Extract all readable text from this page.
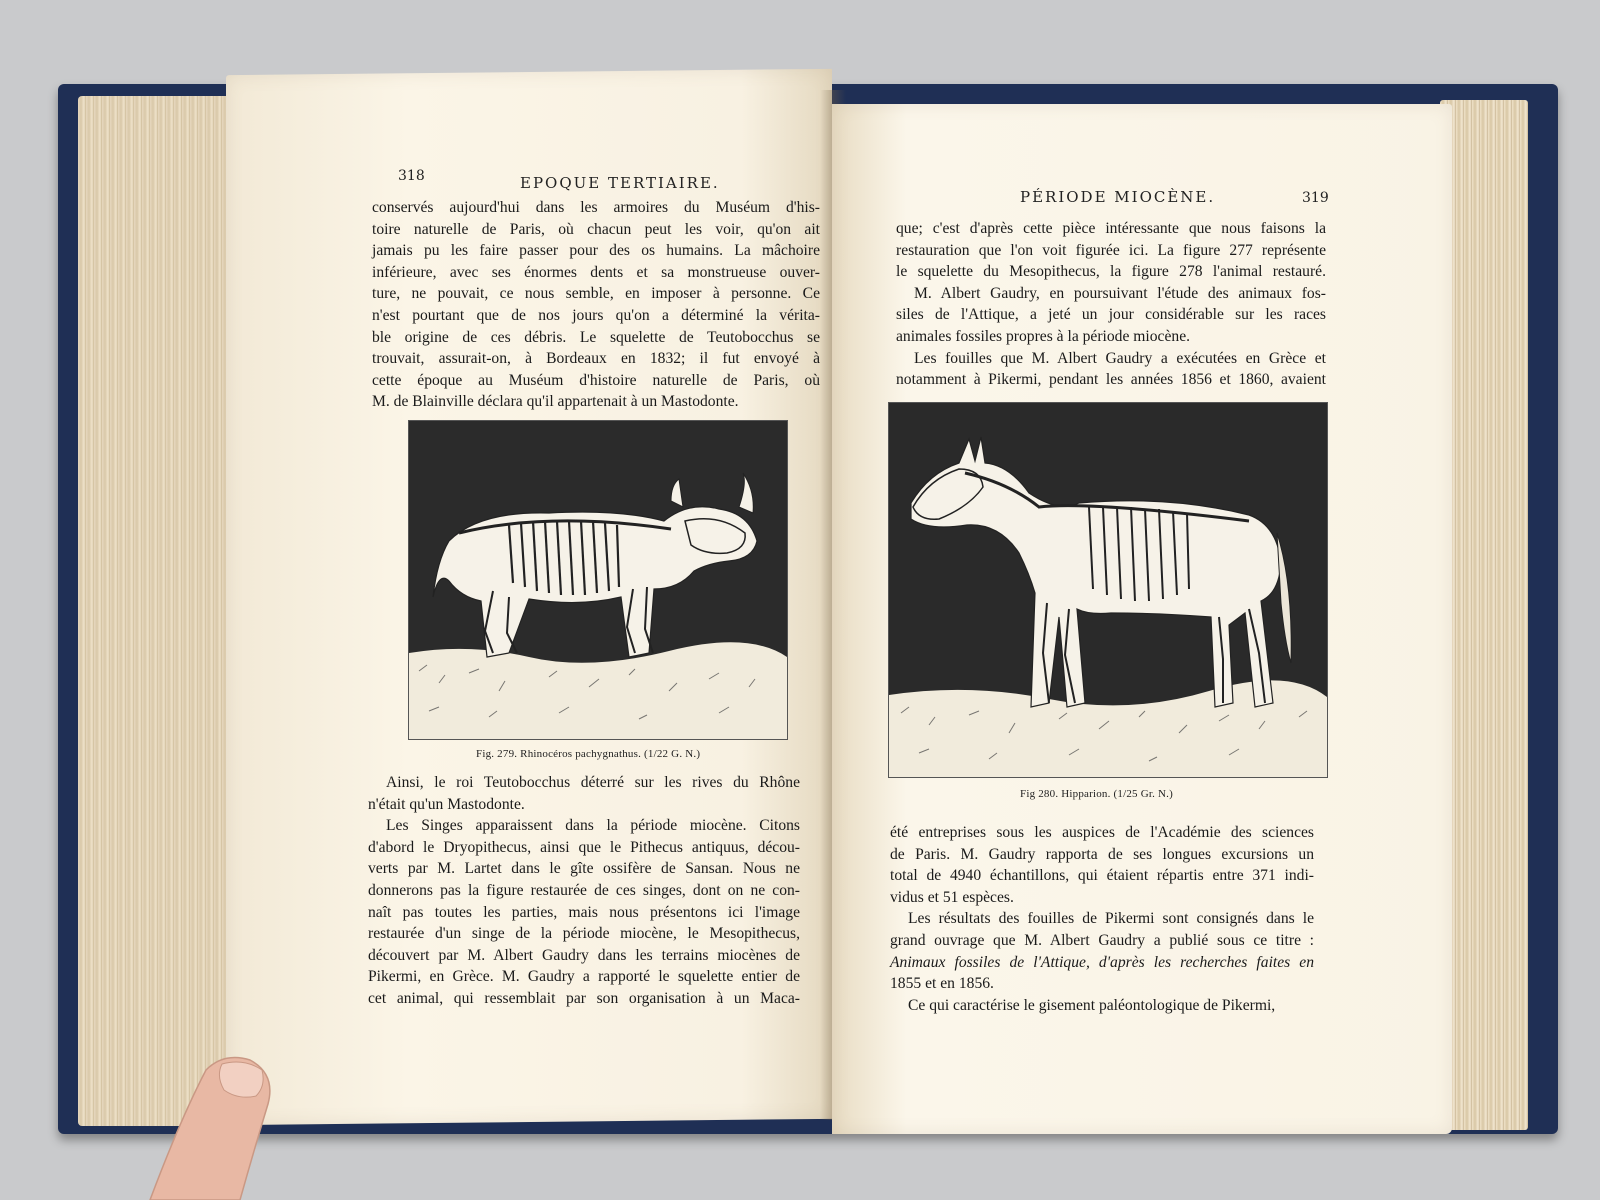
318	EPOQUE TERTIAIRE.
conservés aujourd'hui dans les armoires du Muséum d'his-
toire naturelle de Paris, où chacun peut les voir, qu'on ait
jamais pu les faire passer pour des os humains. La mâchoire
inférieure, avec ses énormes dents et sa monstrueuse ouver-
ture, ne pouvait, ce nous semble, en imposer à personne. Ce
n'est pourtant que de nos jours qu'on a déterminé la vérita-
ble origine de ces débris. Le squelette de Teutobocchus se
trouvait, assurait-on, à Bordeaux en 1832; il fut envoyé à
cette époque au Muséum d'histoire naturelle de Paris, où
M. de Blainville déclara qu'il appartenait à un Mastodonte.
Fig. 279. Rhinocéros pachygnathus. (1/22 G. N.)
Ainsi, le roi Teutobocchus déterré sur les rives du Rhône
n'était qu'un Mastodonte.
Les Singes apparaissent dans la période miocène. Citons
d'abord le Dryopithecus, ainsi que le Pithecus antiquus, décou-
verts par M. Lartet dans le gîte ossifère de Sansan. Nous ne
donnerons pas la figure restaurée de ces singes, dont on ne con-
naît pas toutes les parties, mais nous présentons ici l'image
restaurée d'un singe de la période miocène, le Mesopithecus,
découvert par M. Albert Gaudry dans les terrains miocènes de
Pikermi, en Grèce. M. Gaudry a rapporté le squelette entier de
cet animal, qui ressemblait par son organisation à un Maca-
PÉRIODE MIOCÈNE.	319
que; c'est d'après cette pièce intéressante que nous faisons la
restauration que l'on voit figurée ici. La figure 277 représente
le squelette du Mesopithecus, la figure 278 l'animal restauré.
M. Albert Gaudry, en poursuivant l'étude des animaux fos-
siles de l'Attique, a jeté un jour considérable sur les races
animales fossiles propres à la période miocène.
Les fouilles que M. Albert Gaudry a exécutées en Grèce et
notamment à Pikermi, pendant les années 1856 et 1860, avaient
Fig 280. Hipparion. (1/25 Gr. N.)
été entreprises sous les auspices de l'Académie des sciences
de Paris. M. Gaudry rapporta de ses longues excursions un
total de 4940 échantillons, qui étaient répartis entre 371 indi-
vidus et 51 espèces.
Les résultats des fouilles de Pikermi sont consignés dans le
grand ouvrage que M. Albert Gaudry a publié sous ce titre :
Animaux fossiles de l'Attique, d'après les recherches faites en
1855 et en 1856.
Ce qui caractérise le gisement paléontologique de Pikermi,
